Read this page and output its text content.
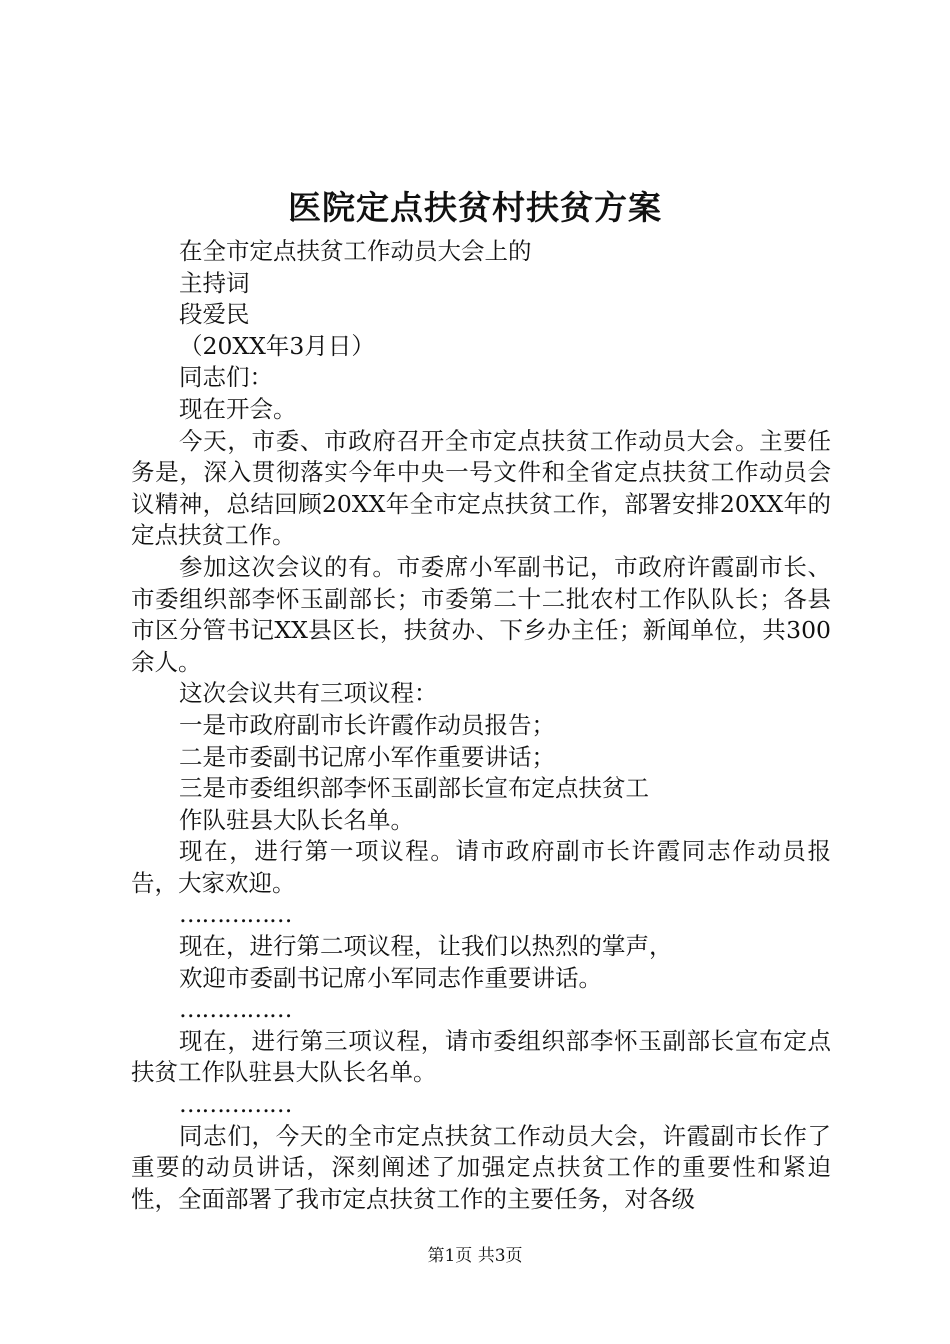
医院定点扶贫村扶贫方案

在全市定点扶贫工作动员大会上的

主持词

段爱民

（20XX年3月日）

同志们：

现在开会。

今天，市委、市政府召开全市定点扶贫工作动员大会。主要任务是，深入贯彻落实今年中央一号文件和全省定点扶贫工作动员会议精神，总结回顾20XX年全市定点扶贫工作，部署安排20XX年的定点扶贫工作。

参加这次会议的有。市委席小军副书记，市政府许霞副市长、市委组织部李怀玉副部长；市委第二十二批农村工作队队长；各县市区分管书记XX县区长，扶贫办、下乡办主任；新闻单位，共300余人。

这次会议共有三项议程：

一是市政府副市长许霞作动员报告；

二是市委副书记席小军作重要讲话；

三是市委组织部李怀玉副部长宣布定点扶贫工

作队驻县大队长名单。

现在，进行第一项议程。请市政府副市长许霞同志作动员报告，大家欢迎。

……………

现在，进行第二项议程，让我们以热烈的掌声，

欢迎市委副书记席小军同志作重要讲话。

……………

现在，进行第三项议程，请市委组织部李怀玉副部长宣布定点扶贫工作队驻县大队长名单。

……………

同志们，今天的全市定点扶贫工作动员大会，许霞副市长作了重要的动员讲话，深刻阐述了加强定点扶贫工作的重要性和紧迫性，全面部署了我市定点扶贫工作的主要任务，对各级

第1页 共3页
